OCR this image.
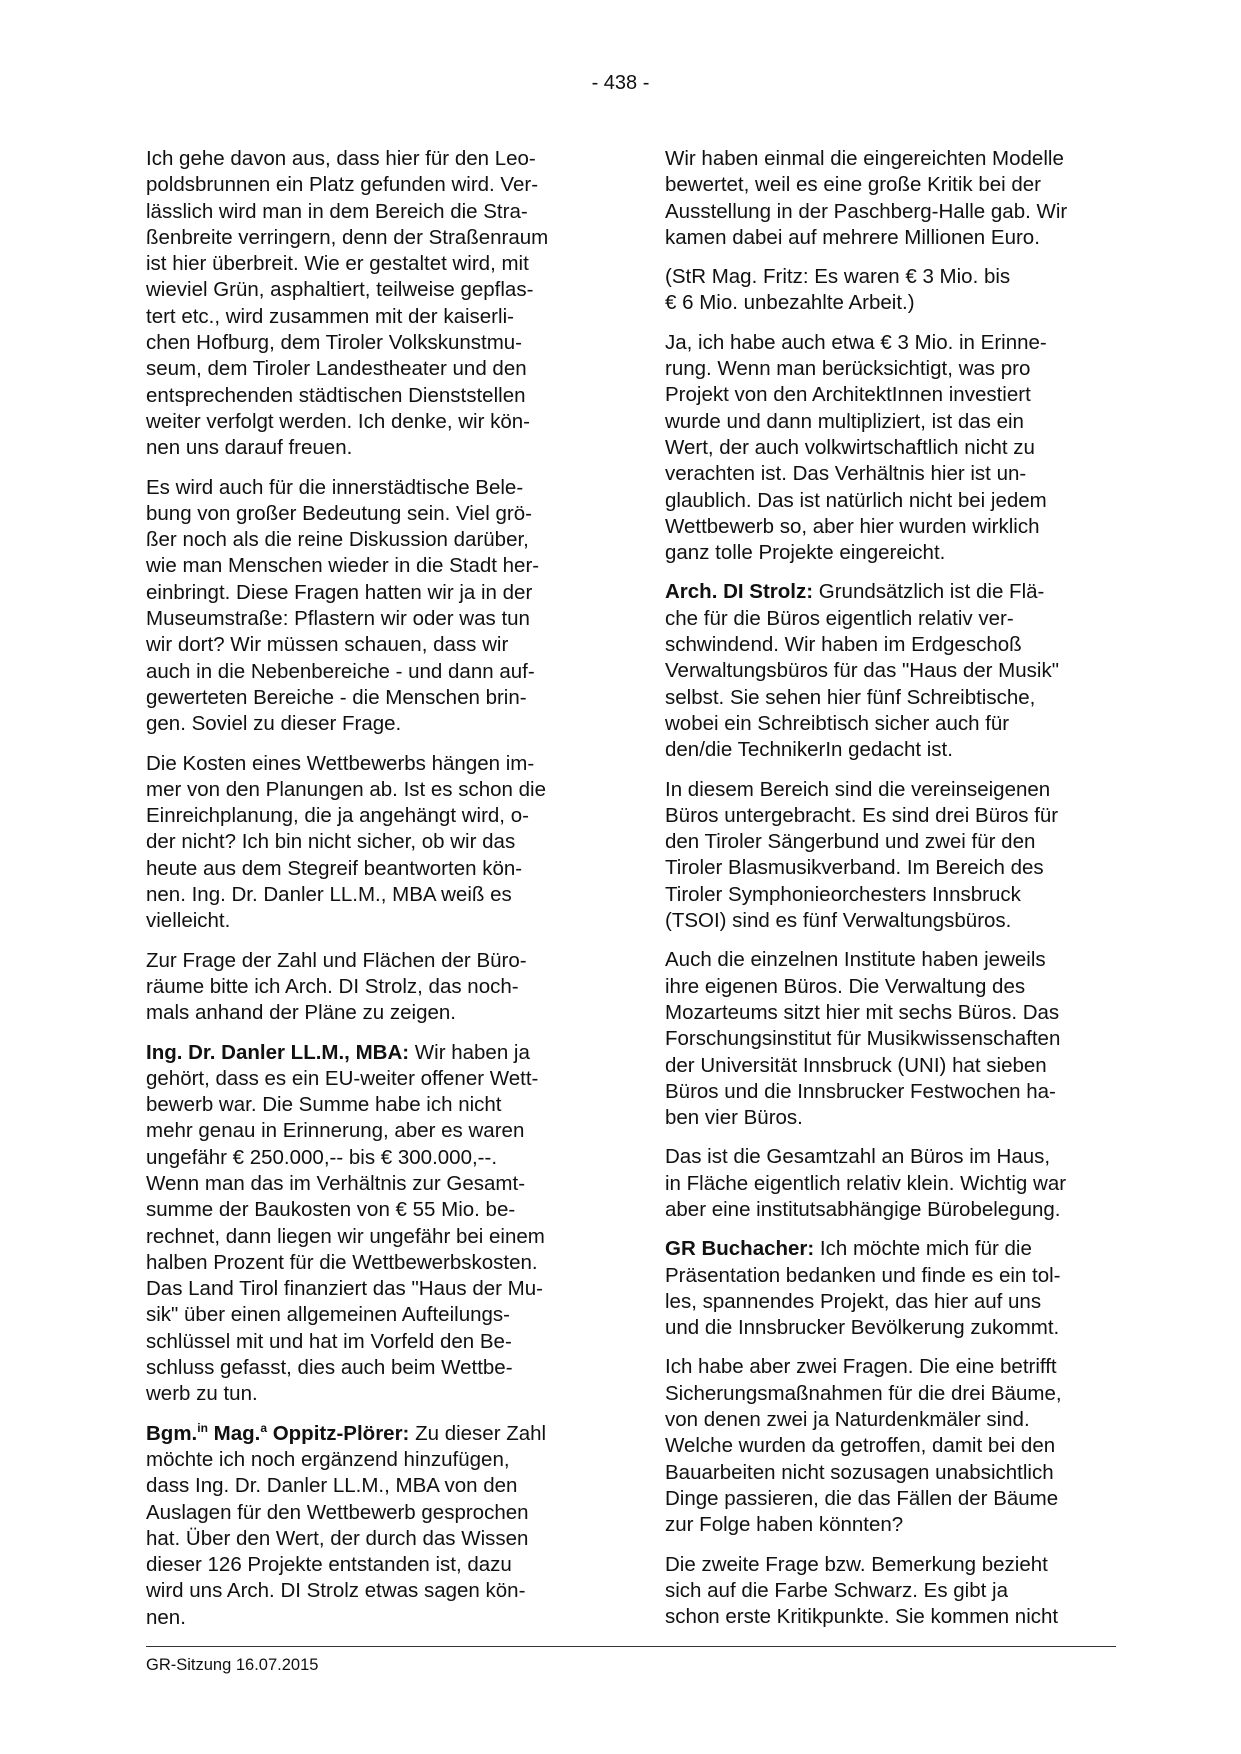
- 438 -

Ich gehe davon aus, dass hier für den Leo-
poldsbrunnen ein Platz gefunden wird. Ver-
lässlich wird man in dem Bereich die Stra-
ßenbreite verringern, denn der Straßenraum
ist hier überbreit. Wie er gestaltet wird, mit
wieviel Grün, asphaltiert, teilweise gepflas-
tert etc., wird zusammen mit der kaiserli-
chen Hofburg, dem Tiroler Volkskunstmu-
seum, dem Tiroler Landestheater und den
entsprechenden städtischen Dienststellen
weiter verfolgt werden. Ich denke, wir kön-
nen uns darauf freuen.

Es wird auch für die innerstädtische Bele-
bung von großer Bedeutung sein. Viel grö-
ßer noch als die reine Diskussion darüber,
wie man Menschen wieder in die Stadt her-
einbringt. Diese Fragen hatten wir ja in der
Museumstraße: Pflastern wir oder was tun
wir dort? Wir müssen schauen, dass wir
auch in die Nebenbereiche - und dann auf-
gewerteten Bereiche - die Menschen brin-
gen. Soviel zu dieser Frage.

Die Kosten eines Wettbewerbs hängen im-
mer von den Planungen ab. Ist es schon die
Einreichplanung, die ja angehängt wird, o-
der nicht? Ich bin nicht sicher, ob wir das
heute aus dem Stegreif beantworten kön-
nen. Ing. Dr. Danler LL.M., MBA weiß es
vielleicht.

Zur Frage der Zahl und Flächen der Büro-
räume bitte ich Arch. DI Strolz, das noch-
mals anhand der Pläne zu zeigen.

Ing. Dr. Danler LL.M., MBA: Wir haben ja
gehört, dass es ein EU-weiter offener Wett-
bewerb war. Die Summe habe ich nicht
mehr genau in Erinnerung, aber es waren
ungefähr € 250.000,-- bis € 300.000,--.
Wenn man das im Verhältnis zur Gesamt-
summe der Baukosten von € 55 Mio. be-
rechnet, dann liegen wir ungefähr bei einem
halben Prozent für die Wettbewerbskosten.
Das Land Tirol finanziert das "Haus der Mu-
sik" über einen allgemeinen Aufteilungs-
schlüssel mit und hat im Vorfeld den Be-
schluss gefasst, dies auch beim Wettbe-
werb zu tun.

Bgm.$^{in}$ Mag.$^a$ Oppitz-Plörer: Zu dieser Zahl
möchte ich noch ergänzend hinzufügen,
dass Ing. Dr. Danler LL.M., MBA von den
Auslagen für den Wettbewerb gesprochen
hat. Über den Wert, der durch das Wissen
dieser 126 Projekte entstanden ist, dazu
wird uns Arch. DI Strolz etwas sagen kön-
nen.

Wir haben einmal die eingereichten Modelle
bewertet, weil es eine große Kritik bei der
Ausstellung in der Paschberg-Halle gab. Wir
kamen dabei auf mehrere Millionen Euro.

(StR Mag. Fritz: Es waren € 3 Mio. bis
€ 6 Mio. unbezahlte Arbeit.)

Ja, ich habe auch etwa € 3 Mio. in Erinne-
rung. Wenn man berücksichtigt, was pro
Projekt von den ArchitektInnen investiert
wurde und dann multipliziert, ist das ein
Wert, der auch volkwirtschaftlich nicht zu
verachten ist. Das Verhältnis hier ist un-
glaublich. Das ist natürlich nicht bei jedem
Wettbewerb so, aber hier wurden wirklich
ganz tolle Projekte eingereicht.

Arch. DI Strolz: Grundsätzlich ist die Flä-
che für die Büros eigentlich relativ ver-
schwindend. Wir haben im Erdgeschoß
Verwaltungsbüros für das "Haus der Musik"
selbst. Sie sehen hier fünf Schreibtische,
wobei ein Schreibtisch sicher auch für
den/die TechnikerIn gedacht ist.

In diesem Bereich sind die vereinseigenen
Büros untergebracht. Es sind drei Büros für
den Tiroler Sängerbund und zwei für den
Tiroler Blasmusikverband. Im Bereich des
Tiroler Symphonieorchesters Innsbruck
(TSOI) sind es fünf Verwaltungsbüros.

Auch die einzelnen Institute haben jeweils
ihre eigenen Büros. Die Verwaltung des
Mozarteums sitzt hier mit sechs Büros. Das
Forschungsinstitut für Musikwissenschaften
der Universität Innsbruck (UNI) hat sieben
Büros und die Innsbrucker Festwochen ha-
ben vier Büros.

Das ist die Gesamtzahl an Büros im Haus,
in Fläche eigentlich relativ klein. Wichtig war
aber eine institutsabhängige Bürobelegung.

GR Buchacher: Ich möchte mich für die
Präsentation bedanken und finde es ein tol-
les, spannendes Projekt, das hier auf uns
und die Innsbrucker Bevölkerung zukommt.

Ich habe aber zwei Fragen. Die eine betrifft
Sicherungsmaßnahmen für die drei Bäume,
von denen zwei ja Naturdenkmäler sind.
Welche wurden da getroffen, damit bei den
Bauarbeiten nicht sozusagen unabsichtlich
Dinge passieren, die das Fällen der Bäume
zur Folge haben könnten?

Die zweite Frage bzw. Bemerkung bezieht
sich auf die Farbe Schwarz. Es gibt ja
schon erste Kritikpunkte. Sie kommen nicht

GR-Sitzung 16.07.2015
